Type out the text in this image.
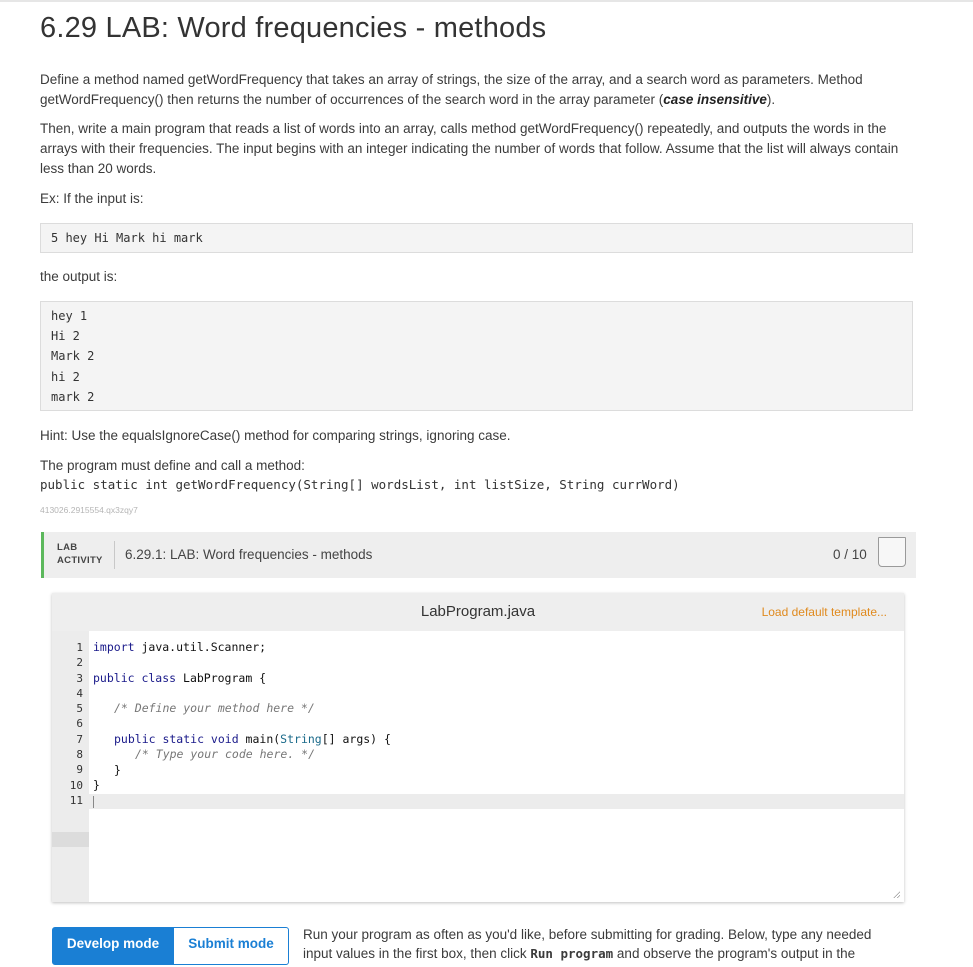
6.29 LAB: Word frequencies - methods

Define a method named getWordFrequency that takes an array of strings, the size of the array, and a search word as parameters. Method getWordFrequency() then returns the number of occurrences of the search word in the array parameter (case insensitive).

Then, write a main program that reads a list of words into an array, calls method getWordFrequency() repeatedly, and outputs the words in the arrays with their frequencies. The input begins with an integer indicating the number of words that follow. Assume that the list will always contain less than 20 words.

Ex: If the input is:

5 hey Hi Mark hi mark

the output is:

hey 1
Hi 2
Mark 2
hi 2
mark 2

Hint: Use the equalsIgnoreCase() method for comparing strings, ignoring case.

The program must define and call a method:

public static int getWordFrequency(String[] wordsList, int listSize, String currWord)
413026.2915554.qx3zqy7
LAB
ACTIVITY 6.29.1: LAB: Word frequencies - methods	0 / 10
LabProgram.java	Load default template...
1
2
3
4
5
6
7
8
9
10
11
import java.util.Scanner;
public class LabProgram {
/* Define your method here */
public static void main(String[] args) {
/* Type your code here. */
}
}
Develop mode	Submit mode

Run your program as often as you'd like, before submitting for grading. Below, type any needed input values in the first box, then click Run program and observe the program's output in the
